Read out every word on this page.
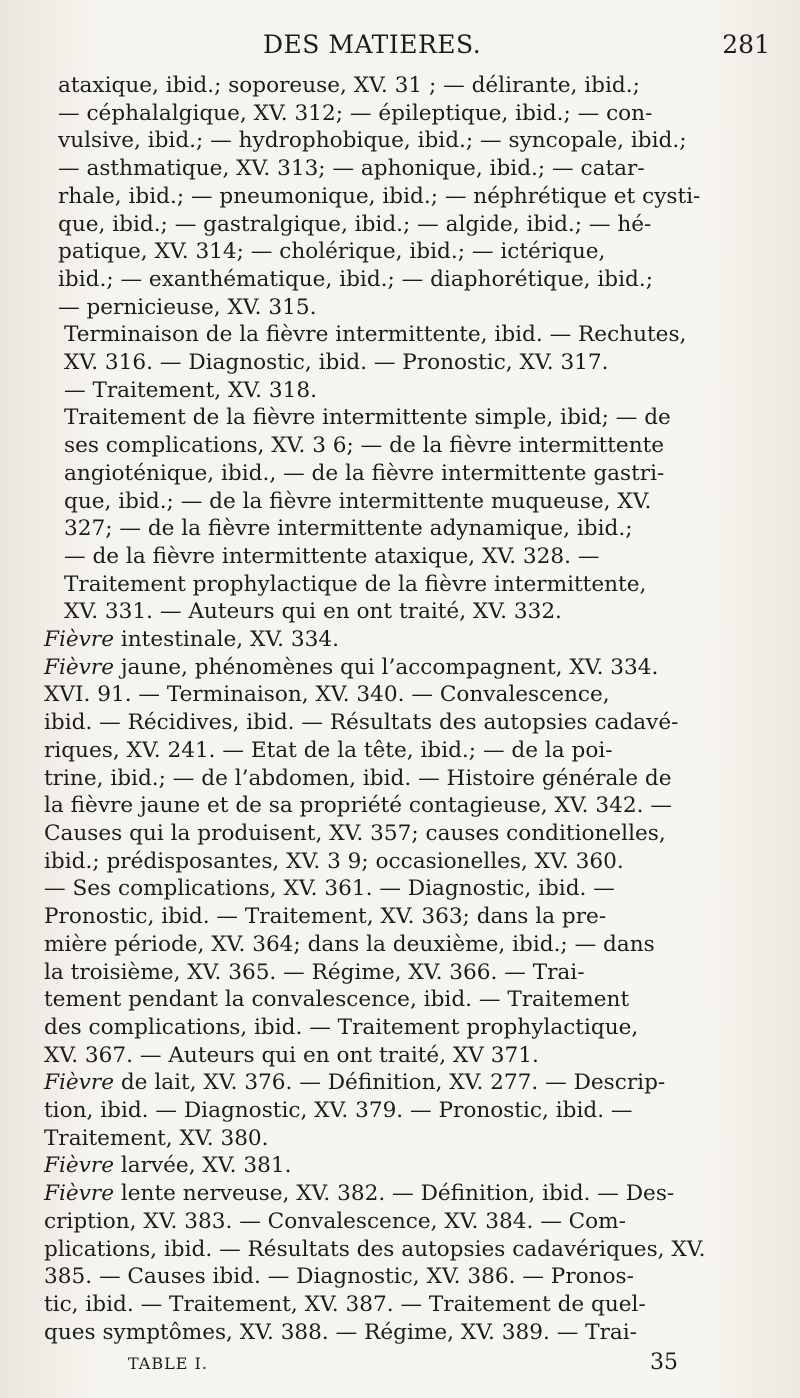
DES MATIERES.	281
ataxique, ibid.; soporeuse, XV. 31 ; — délirante, ibid.;
— céphalalgique, XV. 312; — épileptique, ibid.; — con-
vulsive, ibid.; — hydrophobique, ibid.; — syncopale, ibid.;
— asthmatique, XV. 313; — aphonique, ibid.; — catar-
rhale, ibid.; — pneumonique, ibid.; — néphrétique et cysti-
que, ibid.; — gastralgique, ibid.; — algide, ibid.; — hé-
patique, XV. 314; — cholérique, ibid.; — ictérique,
ibid.; — exanthématique, ibid.; — diaphorétique, ibid.;
— pernicieuse, XV. 315.
Terminaison de la fièvre intermittente, ibid. — Rechutes,
XV. 316. — Diagnostic, ibid. — Pronostic, XV. 317.
— Traitement, XV. 318.
Traitement de la fièvre intermittente simple, ibid; — de
ses complications, XV. 3 6; — de la fièvre intermittente
angioténique, ibid., — de la fièvre intermittente gastri-
que, ibid.; — de la fièvre intermittente muqueuse, XV.
327; — de la fièvre intermittente adynamique, ibid.;
— de la fièvre intermittente ataxique, XV. 328. —
Traitement prophylactique de la fièvre intermittente,
XV. 331. — Auteurs qui en ont traité, XV. 332.
Fièvre intestinale, XV. 334.
Fièvre jaune, phénomènes qui l’accompagnent, XV. 334.
XVI. 91. — Terminaison, XV. 340. — Convalescence,
ibid. — Récidives, ibid. — Résultats des autopsies cadavé-
riques, XV. 241. — Etat de la tête, ibid.; — de la poi-
trine, ibid.; — de l’abdomen, ibid. — Histoire générale de
la fièvre jaune et de sa propriété contagieuse, XV. 342. —
Causes qui la produisent, XV. 357; causes conditionelles,
ibid.; prédisposantes, XV. 3 9; occasionelles, XV. 360.
— Ses complications, XV. 361. — Diagnostic, ibid. —
Pronostic, ibid. — Traitement, XV. 363; dans la pre-
mière période, XV. 364; dans la deuxième, ibid.; — dans
la troisième, XV. 365. — Régime, XV. 366. — Trai-
tement pendant la convalescence, ibid. — Traitement
des complications, ibid. — Traitement prophylactique,
XV. 367. — Auteurs qui en ont traité, XV 371.
Fièvre de lait, XV. 376. — Définition, XV. 277. — Descrip-
tion, ibid. — Diagnostic, XV. 379. — Pronostic, ibid. —
Traitement, XV. 380.
Fièvre larvée, XV. 381.
Fièvre lente nerveuse, XV. 382. — Définition, ibid. — Des-
cription, XV. 383. — Convalescence, XV. 384. — Com-
plications, ibid. — Résultats des autopsies cadavériques, XV.
385. — Causes ibid. — Diagnostic, XV. 386. — Pronos-
tic, ibid. — Traitement, XV. 387. — Traitement de quel-
ques symptômes, XV. 388. — Régime, XV. 389. — Trai-
TABLE I.	35
